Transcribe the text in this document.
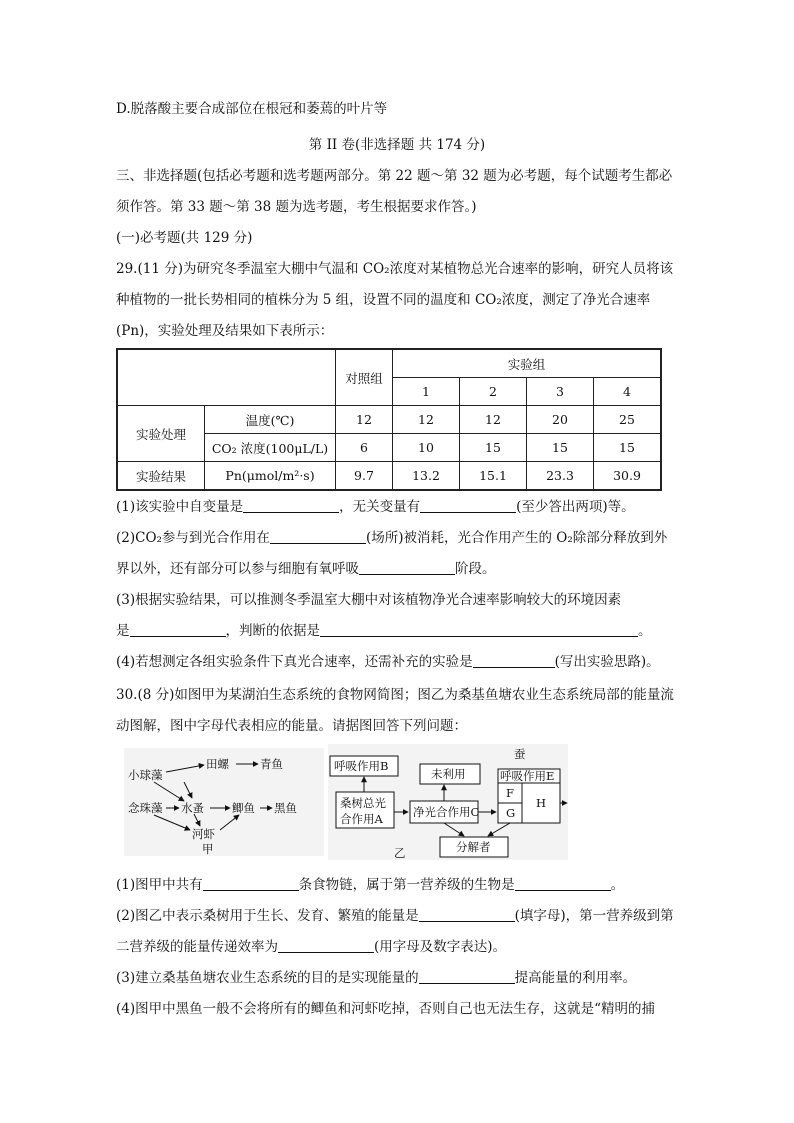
D.脱落酸主要合成部位在根冠和萎蔫的叶片等
第 II 卷(非选择题 共 174 分)
三、非选择题(包括必考题和选考题两部分。第 22 题～第 32 题为必考题，每个试题考生都必
须作答。第 33 题～第 38 题为选考题，考生根据要求作答。)
(一)必考题(共 129 分)
29.(11 分)为研究冬季温室大棚中气温和 CO₂浓度对某植物总光合速率的影响，研究人员将该
种植物的一批长势相同的植株分为 5 组，设置不同的温度和 CO₂浓度，测定了净光合速率
(Pn)，实验处理及结果如下表所示：
		对照组	实验组			
			1	2	3	4
实验处理	温度(℃)	12	12	12	20	25
	CO₂ 浓度(100μL/L)	6	10	15	15	15
实验结果	Pn(μmol/m²·s)	9.7	13.2	15.1	23.3	30.9
(1)该实验中自变量是	，无关变量有	(至少答出两项)等。
(2)CO₂参与到光合作用在	(场所)被消耗，光合作用产生的 O₂除部分释放到外
界以外，还有部分可以参与细胞有氧呼吸	阶段。
(3)根据实验结果，可以推测冬季温室大棚中对该植物净光合速率影响较大的环境因素
是	，判断的依据是	。
(4)若想测定各组实验条件下真光合速率，还需补充的实验是	(写出实验思路)。
30.(8 分)如图甲为某湖泊生态系统的食物网简图；图乙为桑基鱼塘农业生态系统局部的能量流
动图解，图中字母代表相应的能量。请据图回答下列问题：
小球藻
田螺	青鱼
念珠藻 水蚤 鲫鱼 黑鱼
河虾
甲
蚕
呼吸作用B
未利用
桑树总光
合作用A	净光合作用C
呼吸作用E
F
G
H
分解者
乙
(1)图甲中共有	条食物链，属于第一营养级的生物是	。
(2)图乙中表示桑树用于生长、发育、繁殖的能量是	(填字母)，第一营养级到第
二营养级的能量传递效率为	(用字母及数字表达)。
(3)建立桑基鱼塘农业生态系统的目的是实现能量的	提高能量的利用率。
(4)图甲中黑鱼一般不会将所有的鲫鱼和河虾吃掉，否则自己也无法生存，这就是“精明的捕
